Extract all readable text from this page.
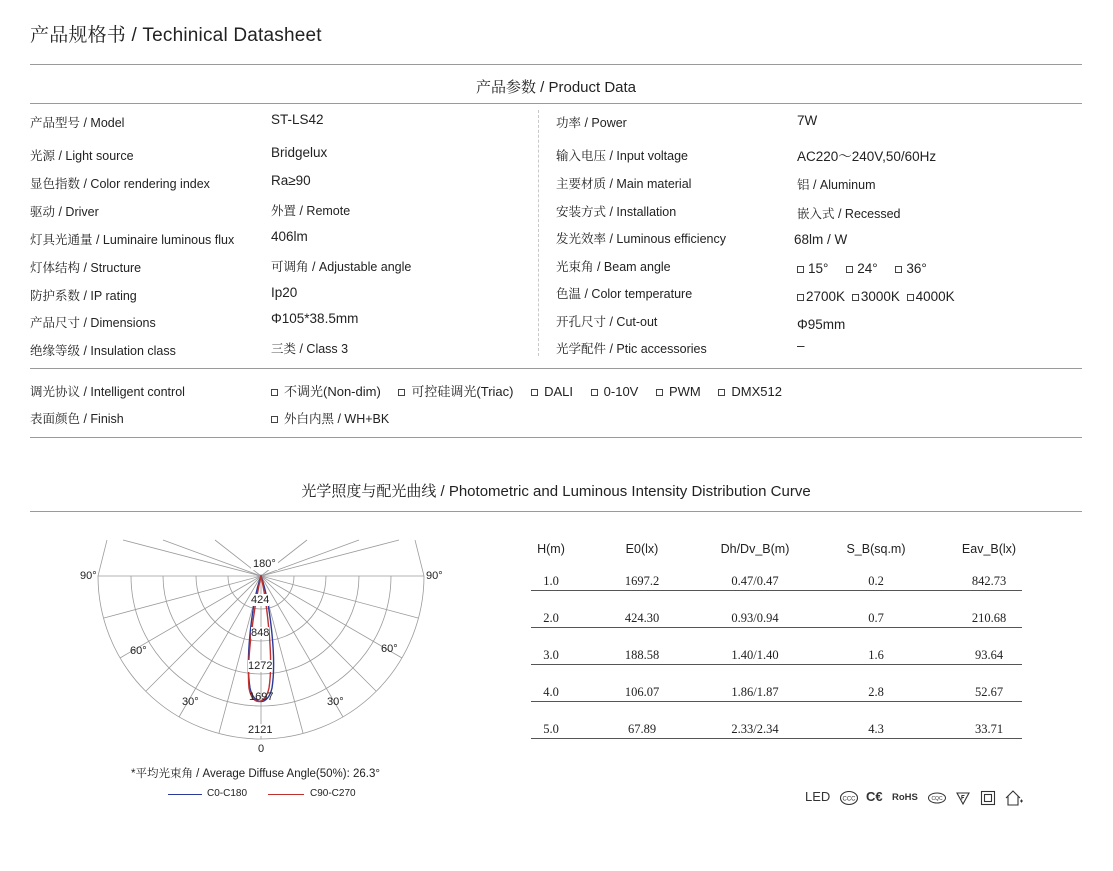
产品规格书 / Techinical Datasheet
产品参数 / Product Data
产品型号 / Model	ST-LS42
光源 / Light source	Bridgelux
显色指数 / Color rendering index	Ra≥90
驱动 / Driver	外置 / Remote
灯具光通量 / Luminaire luminous flux	406lm
灯体结构 / Structure	可调角 / Adjustable angle
防护系数 / IP rating	Ip20
产品尺寸 / Dimensions	Φ105*38.5mm
绝缘等级 / Insulation class	三类 / Class 3
功率 / Power	7W
输入电压 / Input voltage	AC220～240V,50/60Hz
主要材质 / Main material	铝 / Aluminum
安装方式 / Installation	嵌入式 / Recessed
发光效率 / Luminous efficiency	68lm / W
光束角 / Beam angle	15° 24° 36°
色温 / Color temperature	2700K 3000K 4000K
开孔尺寸 / Cut-out	Φ95mm
光学配件 / Ptic accessories	–
调光协议 / Intelligent control	不调光(Non-dim) 可控硅调光(Triac) DALI 0-10V PWM DMX512
表面颜色 / Finish	外白内黑 / WH+BK
光学照度与配光曲线 / Photometric and Luminous Intensity Distribution Curve
180°
90°	90°
60°	60°
30°	30°
0
424
848
1272
1697
2121
*平均光束角 / Average Diffuse Angle(50%): 26.3°
C0-C180	C90-C270
H(m)	E0(lx)	Dh/Dv_B(m)	S_B(sq.m)	Eav_B(lx)
1.0	1697.2	0.47/0.47	0.2	842.73
2.0	424.30	0.93/0.94	0.7	210.68
3.0	188.58	1.40/1.40	1.6	93.64
4.0	106.07	1.86/1.87	2.8	52.67
5.0	67.89	2.33/2.34	4.3	33.71
LED CCC C€ RoHS	CQC
